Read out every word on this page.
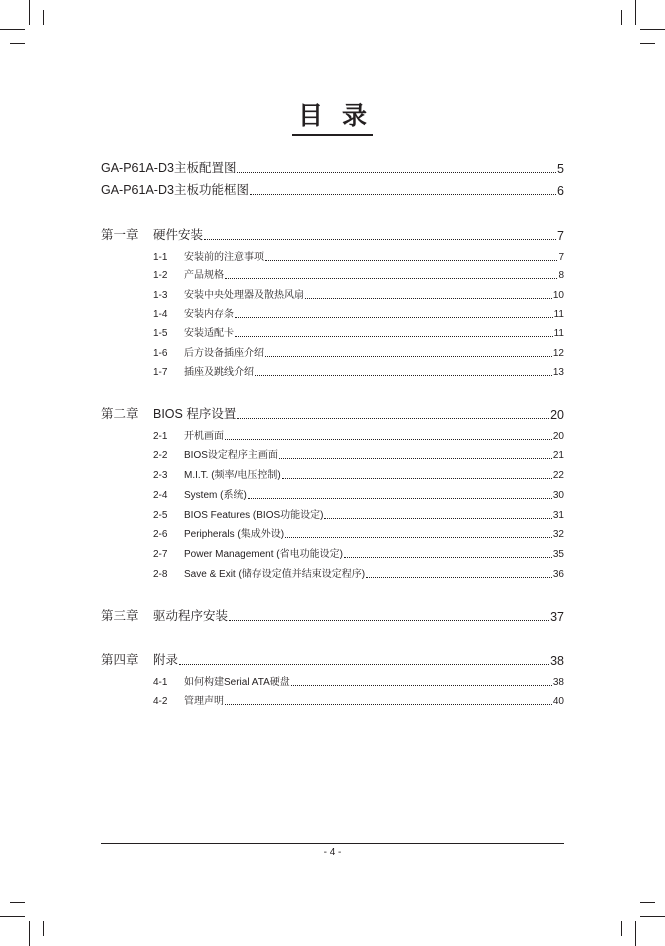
目 录
GA-P61A-D3主板配置图	5
GA-P61A-D3主板功能框图	6
第一章	硬件安装	7
1-1	安装前的注意事项	7
1-2	产品规格	8
1-3	安装中央处理器及散热风扇	10
1-4	安装内存条	11
1-5	安装适配卡	11
1-6	后方设备插座介绍	12
1-7	插座及跳线介绍	13
第二章	BIOS 程序设置	20
2-1	开机画面	20
2-2	BIOS设定程序主画面	21
2-3	M.I.T. (频率/电压控制)	22
2-4	System (系统)	30
2-5	BIOS Features (BIOS功能设定)	31
2-6	Peripherals (集成外设)	32
2-7	Power Management (省电功能设定)	35
2-8	Save & Exit (储存设定值并结束设定程序)	36
第三章	驱动程序安装	37
第四章	附录	38
4-1	如何构建Serial ATA硬盘	38
4-2	管理声明	40
- 4 -
